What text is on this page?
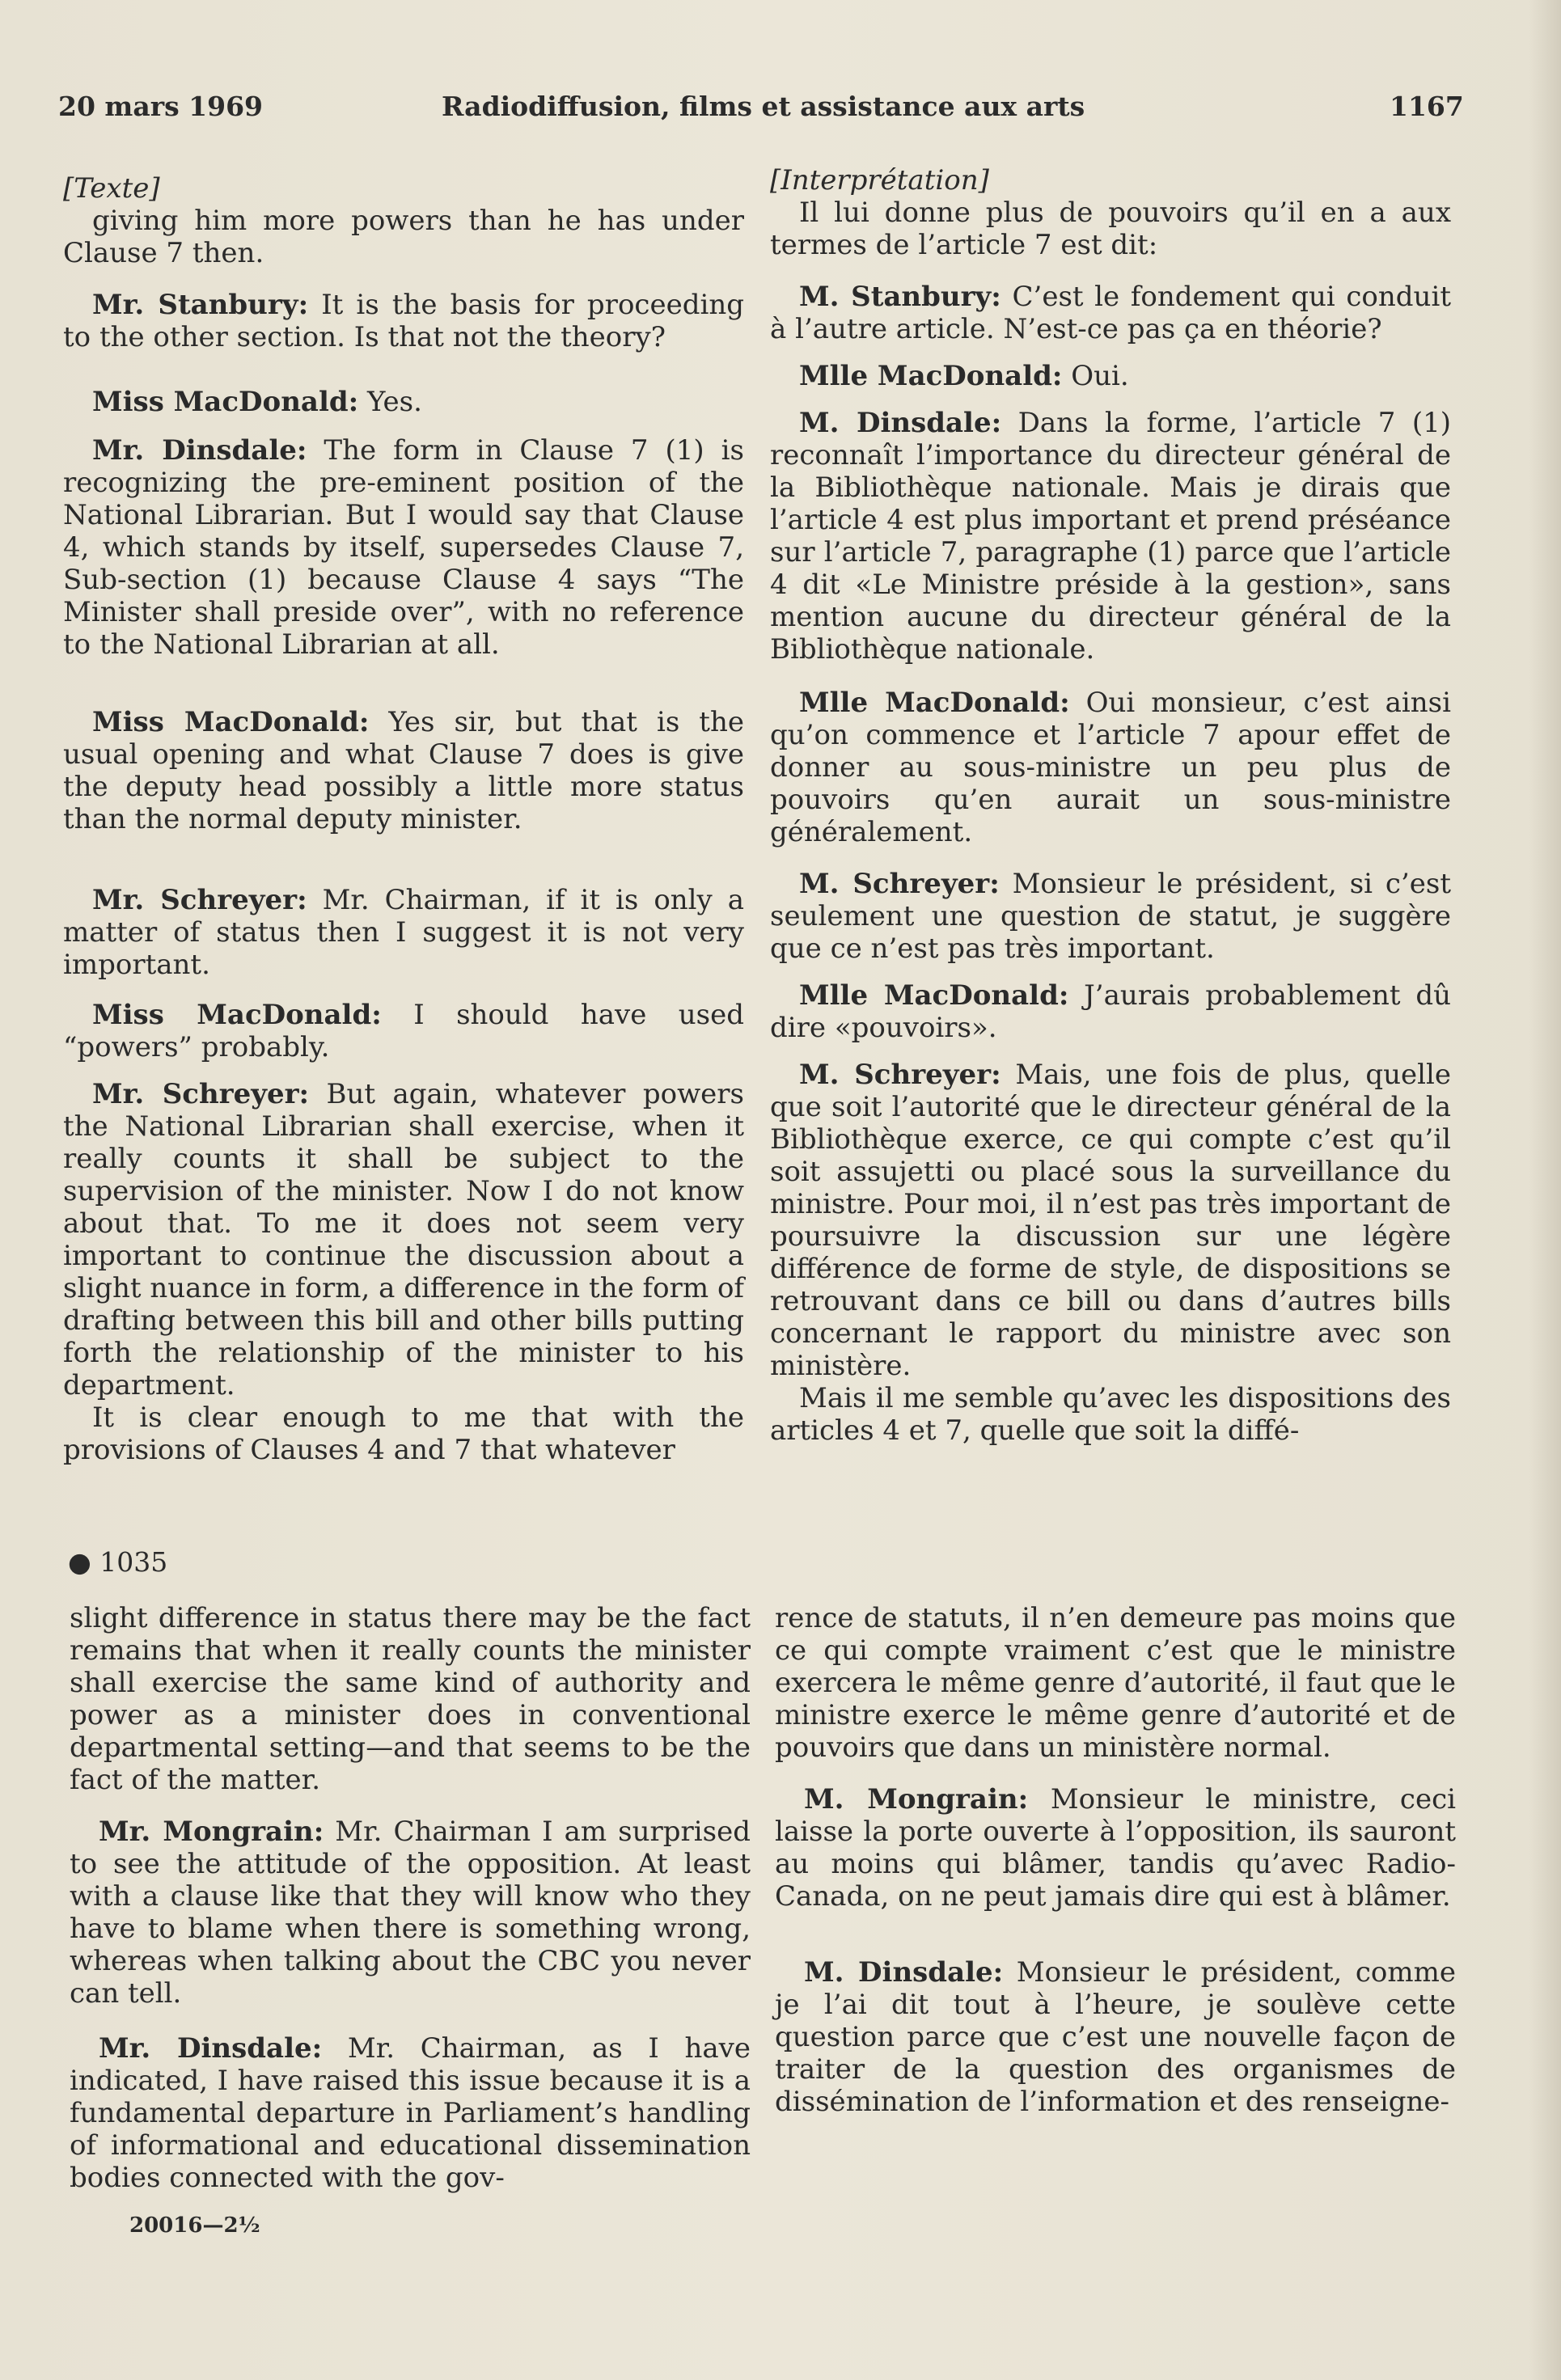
20 mars 1969	Radiodiffusion, films et assistance aux arts	1167

[Texte]

giving him more powers than he has under Clause 7 then.

Mr. Stanbury: It is the basis for proceeding to the other section. Is that not the theory?

Miss MacDonald: Yes.

Mr. Dinsdale: The form in Clause 7 (1) is recognizing the pre-eminent position of the National Librarian. But I would say that Clause 4, which stands by itself, supersedes Clause 7, Sub-section (1) because Clause 4 says “The Minister shall preside over”, with no reference to the National Librarian at all.

Miss MacDonald: Yes sir, but that is the usual opening and what Clause 7 does is give the deputy head possibly a little more status than the normal deputy minister.

Mr. Schreyer: Mr. Chairman, if it is only a matter of status then I suggest it is not very important.

Miss MacDonald: I should have used “powers” probably.

Mr. Schreyer: But again, whatever powers the National Librarian shall exercise, when it really counts it shall be subject to the supervision of the minister. Now I do not know about that. To me it does not seem very important to continue the discussion about a slight nuance in form, a difference in the form of drafting between this bill and other bills putting forth the relationship of the minister to his department.

It is clear enough to me that with the provisions of Clauses 4 and 7 that whatever

● 1035

slight difference in status there may be the fact remains that when it really counts the minister shall exercise the same kind of authority and power as a minister does in conventional departmental setting—and that seems to be the fact of the matter.

Mr. Mongrain: Mr. Chairman I am surprised to see the attitude of the opposition. At least with a clause like that they will know who they have to blame when there is something wrong, whereas when talking about the CBC you never can tell.

Mr. Dinsdale: Mr. Chairman, as I have indicated, I have raised this issue because it is a fundamental departure in Parliament’s handling of informational and educational dissemination bodies connected with the gov-

[Interprétation]

Il lui donne plus de pouvoirs qu’il en a aux termes de l’article 7 est dit:

M. Stanbury: C’est le fondement qui conduit à l’autre article. N’est-ce pas ça en théorie?

Mlle MacDonald: Oui.

M. Dinsdale: Dans la forme, l’article 7 (1) reconnaît l’importance du directeur général de la Bibliothèque nationale. Mais je dirais que l’article 4 est plus important et prend préséance sur l’article 7, paragraphe (1) parce que l’article 4 dit «Le Ministre préside à la gestion», sans mention aucune du directeur général de la Bibliothèque nationale.

Mlle MacDonald: Oui monsieur, c’est ainsi qu’on commence et l’article 7 apour effet de donner au sous-ministre un peu plus de pouvoirs qu’en aurait un sous-ministre généralement.

M. Schreyer: Monsieur le président, si c’est seulement une question de statut, je suggère que ce n’est pas très important.

Mlle MacDonald: J’aurais probablement dû dire «pouvoirs».

M. Schreyer: Mais, une fois de plus, quelle que soit l’autorité que le directeur général de la Bibliothèque exerce, ce qui compte c’est qu’il soit assujetti ou placé sous la surveillance du ministre. Pour moi, il n’est pas très important de poursuivre la discussion sur une légère différence de forme de style, de dispositions se retrouvant dans ce bill ou dans d’autres bills concernant le rapport du ministre avec son ministère.

Mais il me semble qu’avec les dispositions des articles 4 et 7, quelle que soit la diffé-

rence de statuts, il n’en demeure pas moins que ce qui compte vraiment c’est que le ministre exercera le même genre d’autorité, il faut que le ministre exerce le même genre d’autorité et de pouvoirs que dans un ministère normal.

M. Mongrain: Monsieur le ministre, ceci laisse la porte ouverte à l’opposition, ils sauront au moins qui blâmer, tandis qu’avec Radio-Canada, on ne peut jamais dire qui est à blâmer.

M. Dinsdale: Monsieur le président, comme je l’ai dit tout à l’heure, je soulève cette question parce que c’est une nouvelle façon de traiter de la question des organismes de dissémination de l’information et des renseigne-

20016—2½
